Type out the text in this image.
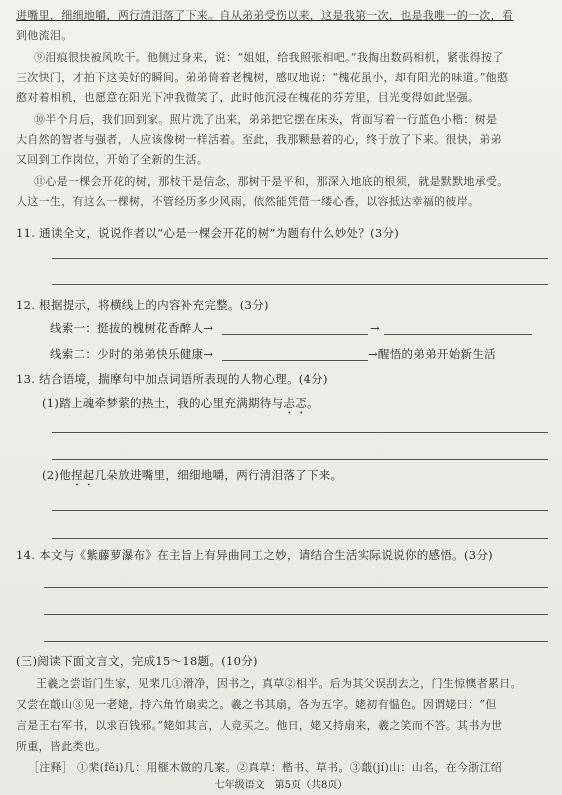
进嘴里，细细地嚼，两行清泪落了下来。自从弟弟受伤以来，这是我第一次，也是我唯一的一次，看
到他流泪。
⑨泪痕很快被风吹干。他侧过身来，说：“姐姐，给我照张相吧。”我掏出数码相机，紧张得按了
三次快门，才拍下这美好的瞬间。弟弟倚着老槐树，感叹地说：“槐花虽小，却有阳光的味道。”他憨
憨对着相机，也愿意在阳光下冲我微笑了，此时他沉浸在槐花的芬芳里，目光变得如此坚强。
⑩半个月后，我们回到家。照片洗了出来，弟弟把它摆在床头，背面写着一行蓝色小楷：树是
大自然的智者与强者，人应该像树一样活着。至此，我那颗悬着的心，终于放了下来。很快，弟弟
又回到工作岗位，开始了全新的生活。
⑪心是一棵会开花的树，那枝干是信念，那树干是平和，那深入地底的根须，就是默默地承受。
人这一生，有这么一棵树，不管经历多少风雨，依然能凭借一缕心香，以容抵达幸福的彼岸。
11. 通读全文，说说作者以“心是一棵会开花的树”为题有什么妙处？(3分)
12. 根据提示，将横线上的内容补充完整。(3分)
线索一：挺拔的槐树花香醉人→	→
线索二：少时的弟弟快乐健康→	→醒悟的弟弟开始新生活
13. 结合语境，揣摩句中加点词语所表现的人物心理。(4分)
(1)踏上魂牵梦萦的热土，我的心里充满期待与忐忑。
(2)他捏起几朵放进嘴里，细细地嚼，两行清泪落了下来。
14. 本文与《紫藤萝瀑布》在主旨上有异曲同工之妙，请结合生活实际说说你的感悟。(3分)
(三)阅读下面文言文，完成15～18题。(10分)
王羲之尝诣门生家，见棐几①滑净，因书之，真草②相半。后为其父误刮去之，门生惊懊者累日。
又尝在蕺山③见一老姥，持六角竹扇卖之。羲之书其扇，各为五字。姥初有愠色。因谓姥曰：“但
言是王右军书，以求百钱邪。”姥如其言，人竞买之。他日，姥又持扇来，羲之笑而不答。其书为世
所重，皆此类也。
［注释］ ①棐(fěi)几：用榧木做的几案。②真草：楷书、草书。③蕺(jí)山：山名，在今浙江绍
七年级语文　第5页（共8页）
